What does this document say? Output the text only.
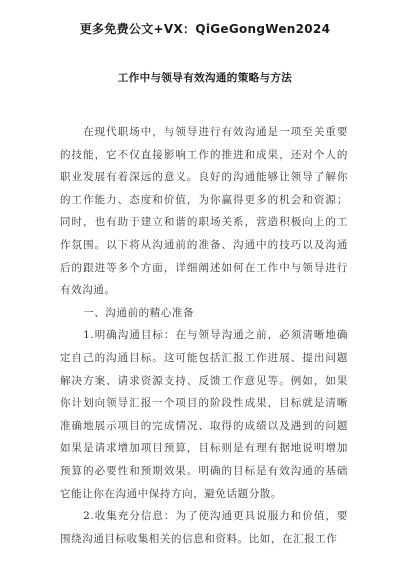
更多免费公文+VX：QiGeGongWen2024
工作中与领导有效沟通的策略与方法

在现代职场中，与领导进行有效沟通是一项至关重要的技能，它不仅直接影响工作的推进和成果，还对个人的职业发展有着深远的意义。良好的沟通能够让领导了解你的工作能力、态度和价值，为你赢得更多的机会和资源；同时，也有助于建立和谐的职场关系，营造积极向上的工作氛围。以下将从沟通前的准备、沟通中的技巧以及沟通后的跟进等多个方面，详细阐述如何在工作中与领导进行有效沟通。

一、沟通前的精心准备

1.明确沟通目标：在与领导沟通之前，必须清晰地确定自己的沟通目标。这可能包括汇报工作进展、提出问题解决方案、请求资源支持、反馈工作意见等。例如，如果你计划向领导汇报一个项目的阶段性成果，目标就是清晰准确地展示项目的完成情况、取得的成绩以及遇到的问题如果是请求增加项目预算，目标则是有理有据地说明增加预算的必要性和预期效果。明确的目标是有效沟通的基础它能让你在沟通中保持方向，避免话题分散。

2.收集充分信息：为了使沟通更具说服力和价值，要围绕沟通目标收集相关的信息和资料。比如，在汇报工作
